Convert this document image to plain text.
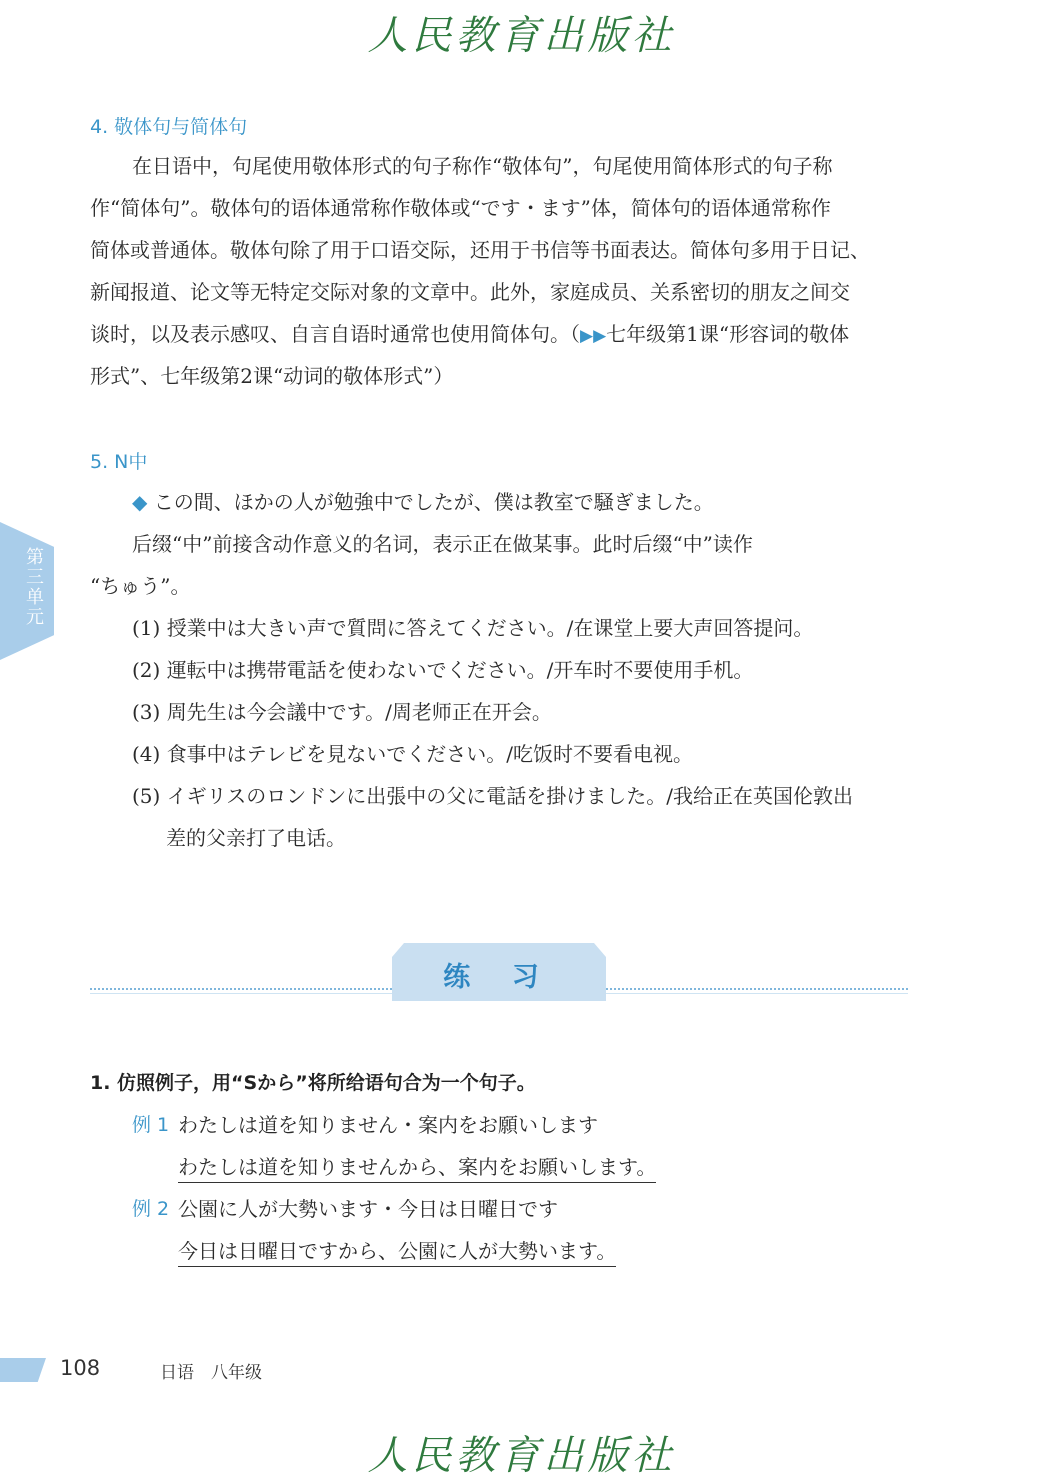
人民教育出版社
4. 敬体句与简体句
在日语中，句尾使用敬体形式的句子称作“敬体句”，句尾使用简体形式的句子称
作“简体句”。敬体句的语体通常称作敬体或“です・ます”体，简体句的语体通常称作
简体或普通体。敬体句除了用于口语交际，还用于书信等书面表达。简体句多用于日记、
新闻报道、论文等无特定交际对象的文章中。此外，家庭成员、关系密切的朋友之间交
谈时，以及表示感叹、自言自语时通常也使用简体句。（▶▶七年级第1课“形容词的敬体
形式”、七年级第2课“动词的敬体形式”）
5. N中
◆ この間、ほかの人が勉強中でしたが、僕は教室で騒ぎました。
后缀“中”前接含动作意义的名词，表示正在做某事。此时后缀“中”读作
“ちゅう”。
(1) 授業中は大きい声で質問に答えてください。/在课堂上要大声回答提问。
(2) 運転中は携帯電話を使わないでください。/开车时不要使用手机。
(3) 周先生は今会議中です。/周老师正在开会。
(4) 食事中はテレビを見ないでください。/吃饭时不要看电视。
(5) イギリスのロンドンに出張中の父に電話を掛けました。/我给正在英国伦敦出
差的父亲打了电话。
第三单元
练 习
1. 仿照例子，用“Sから”将所给语句合为一个句子。
例 1 わたしは道を知りません・案内をお願いします
わたしは道を知りませんから、案内をお願いします。
例 2 公園に人が大勢います・今日は日曜日です
今日は日曜日ですから、公園に人が大勢います。
108	日语　八年级
人民教育出版社
